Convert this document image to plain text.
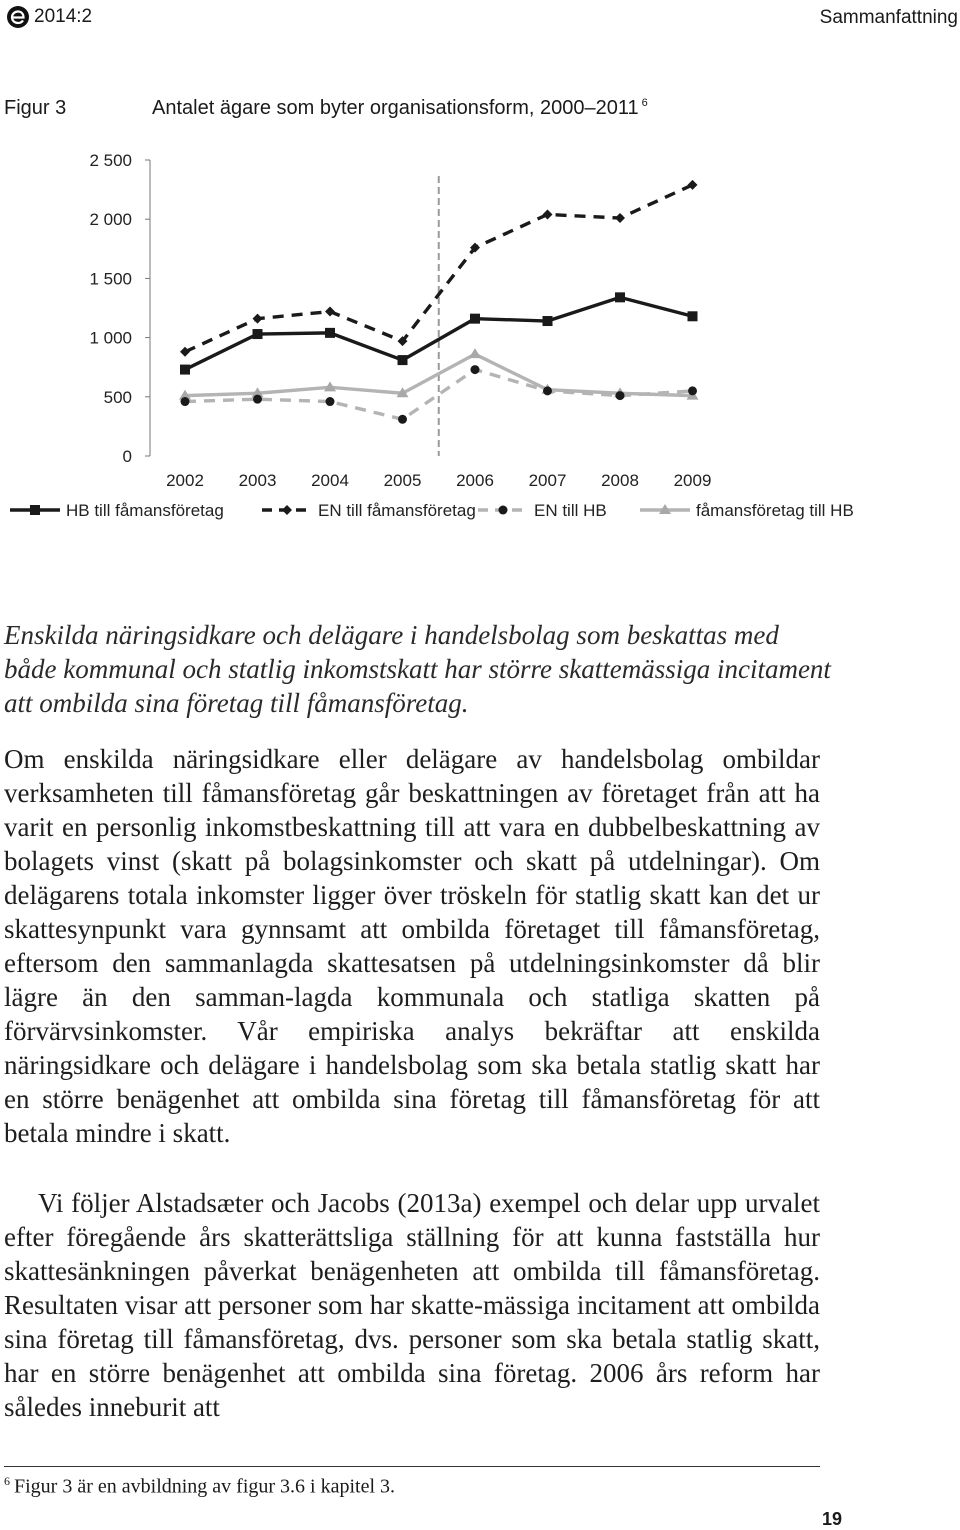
2014:2	Sammanfattning
Figur 3	Antalet ägare som byter organisationsform, 2000–2011 $^6$
0
500
1 000
1 500
2 000
2 500
2002 2003 2004 2005 2006 2007 2008 2009
HB till fåmansföretag	EN till fåmansföretag	EN till HB	fåmansföretag till HB
Enskilda näringsidkare och delägare i handelsbolag som beskattas med både kommunal och statlig inkomstskatt har större skattemässiga incitament att ombilda sina företag till fåmansföretag.
Om enskilda näringsidkare eller delägare av handelsbolag ombildar verksamheten till fåmansföretag går beskattningen av företaget från att ha varit en personlig inkomstbeskattning till att vara en dubbelbeskattning av bolagets vinst (skatt på bolagsinkomster och skatt på utdelningar). Om delägarens totala inkomster ligger över tröskeln för statlig skatt kan det ur skattesynpunkt vara gynnsamt att ombilda företaget till fåmansföretag, eftersom den sammanlagda skattesatsen på utdelningsinkomster då blir lägre än den samman-lagda kommunala och statliga skatten på förvärvsinkomster. Vår empiriska analys bekräftar att enskilda näringsidkare och delägare i handelsbolag som ska betala statlig skatt har en större benägenhet att ombilda sina företag till fåmansföretag för att betala mindre i skatt.
Vi följer Alstadsæter och Jacobs (2013a) exempel och delar upp urvalet efter föregående års skatterättsliga ställning för att kunna fastställa hur skattesänkningen påverkat benägenheten att ombilda till fåmansföretag. Resultaten visar att personer som har skatte-mässiga incitament att ombilda sina företag till fåmansföretag, dvs. personer som ska betala statlig skatt, har en större benägenhet att ombilda sina företag. 2006 års reform har således inneburit att
$^6$ Figur 3 är en avbildning av figur 3.6 i kapitel 3.
19
